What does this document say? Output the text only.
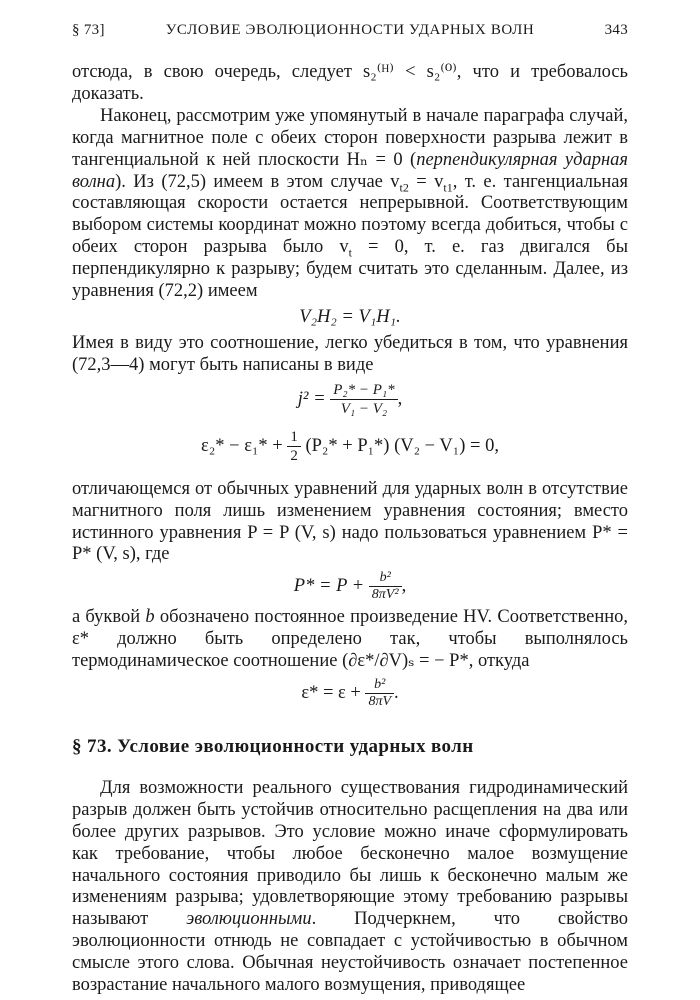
§ 73]	УСЛОВИЕ ЭВОЛЮЦИОННОСТИ УДАРНЫХ ВОЛН	343

отсюда, в свою очередь, следует s₂⁽ᴴ⁾ < s₂⁽⁰⁾, что и требовалось доказать.

Наконец, рассмотрим уже упомянутый в начале параграфа случай, когда магнитное поле с обеих сторон поверхности разрыва лежит в тангенциальной к ней плоскости Hₙ = 0 (перпендикулярная ударная волна). Из (72,5) имеем в этом случае $v_{t2} = v_{t1}$, т. е. тангенциальная составляющая скорости остается непрерывной. Соответствующим выбором системы координат можно поэтому всегда добиться, чтобы с обеих сторон разрыва было $v_t = 0$, т. е. газ двигался бы перпендикулярно к разрыву; будем считать это сделанным. Далее, из уравнения (72,2) имеем

V₂H₂ = V₁H₁.

Имея в виду это соотношение, легко убедиться в том, что уравнения (72,3—4) могут быть написаны в виде

$j^2 = \frac{\text{P₂* − P₁*}}{\text{V₁ − V₂}}$ ,
$\varepsilon_2* - \varepsilon_1* + \frac{1}{2} (P_2* + P_1*) (V_2 - V_1) = 0$,

отличающемся от обычных уравнений для ударных волн в отсутствие магнитного поля лишь изменением уравнения состояния; вместо истинного уравнения P = P (V, s) надо пользоваться уравнением P* = P* (V, s), где

$P* = P + \frac{\text{b²}}{\text{8πV²}}$ ,

а буквой b обозначено постоянное произведение HV. Соответственно, ε* должно быть определено так, чтобы выполнялось термодинамическое соотношение (∂ε*/∂V)ₛ = − P*, откуда

$\varepsilon* = \varepsilon + \frac{\text{b²}}{8\pi V}$ .
§ 73. Условие эволюционности ударных волн

Для возможности реального существования гидродинамический разрыв должен быть устойчив относительно расщепления на два или более других разрывов. Это условие можно иначе сформулировать как требование, чтобы любое бесконечно малое возмущение начального состояния приводило бы лишь к бесконечно малым же изменениям разрыва; удовлетворяющие этому требованию разрывы называют эволюционными. Подчеркнем, что свойство эволюционности отнюдь не совпадает с устойчивостью в обычном смысле этого слова. Обычная неустойчивость означает постепенное возрастание начального малого возмущения, приводящее
